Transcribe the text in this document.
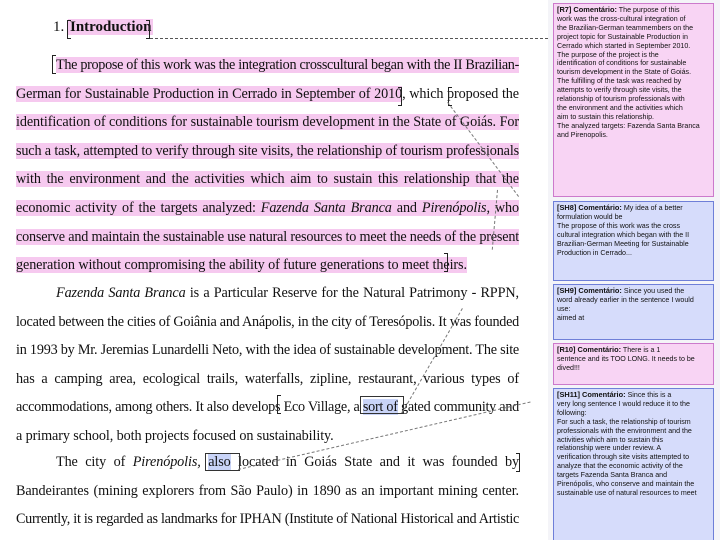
1. Introduction
The propose of this work was the integration crosscultural began with the II Brazilian-
German for Sustainable Production in Cerrado in September of 2010, which proposed the
identification of conditions for sustainable tourism development in the State of Goiás. For
such a task, attempted to verify through site visits, the relationship of tourism professionals
with the environment and the activities which aim to sustain this relationship that the
economic activity of the targets analyzed: Fazenda Santa Branca and Pirenópolis, who
conserve and maintain the sustainable use natural resources to meet the needs of the present
generation without compromising the ability of future generations to meet theirs.
Fazenda Santa Branca is a Particular Reserve for the Natural Patrimony - RPPN,
located between the cities of Goiânia and Anápolis, in the city of Teresópolis. It was founded
in 1993 by Mr. Jeremias Lunardelli Neto, with the idea of sustainable development. The site
has a camping area, ecological trails, waterfalls, zipline, restaurant, various types of
accommodations, among others. It also develops Eco Village, a sort of gated community and
a primary school, both projects focused on sustainability.
The city of Pirenópolis, also located in Goiás State and it was founded by
Bandeirantes (mining explorers from São Paulo) in 1890 as an important mining center.
Currently, it is regarded as landmarks for IPHAN (Institute of National Historical and Artistic

[R7] Comentário: The purpose of this

work was the cross-cultural integration of

the Brazilian-German teammembers on the

project topic for Sustainable Production in

Cerrado which started in September 2010.

The purpose of the project is the

identification of conditions for sustainable

tourism development in the State of Goiás.

The fulfilling of the task was reached by

attempts to verify through site visits, the

relationship of tourism professionals with

the environment and the activities which

aim to sustain this relationship.

The analyzed targets: Fazenda Santa Branca

and Pirenopolis.

[SH8] Comentário: My idea of a better

formulation would be

The propose of this work was the cross

cultural integration which began with the II

Brazilian-German Meeting for Sustainable

Production in Cerrado...

[SH9] Comentário: Since you used the

word already earlier in the sentence I would

use:

aimed at

[R10] Comentário: There is a 1

sentence and its TOO LONG. It needs to be

dived!!!

[SH11] Comentário: Since this is a

very long sentence I would reduce it to the

following:

For such a task, the relationship of tourism

professionals with the environment and the

activities which aim to sustain this

relationship were under review. A

verification through site visits attempted to

analyze that the economic activity of the

targets Fazenda Santa Branca and

Pirenópolis, who conserve and maintain the

sustainable use of natural resources to meet
